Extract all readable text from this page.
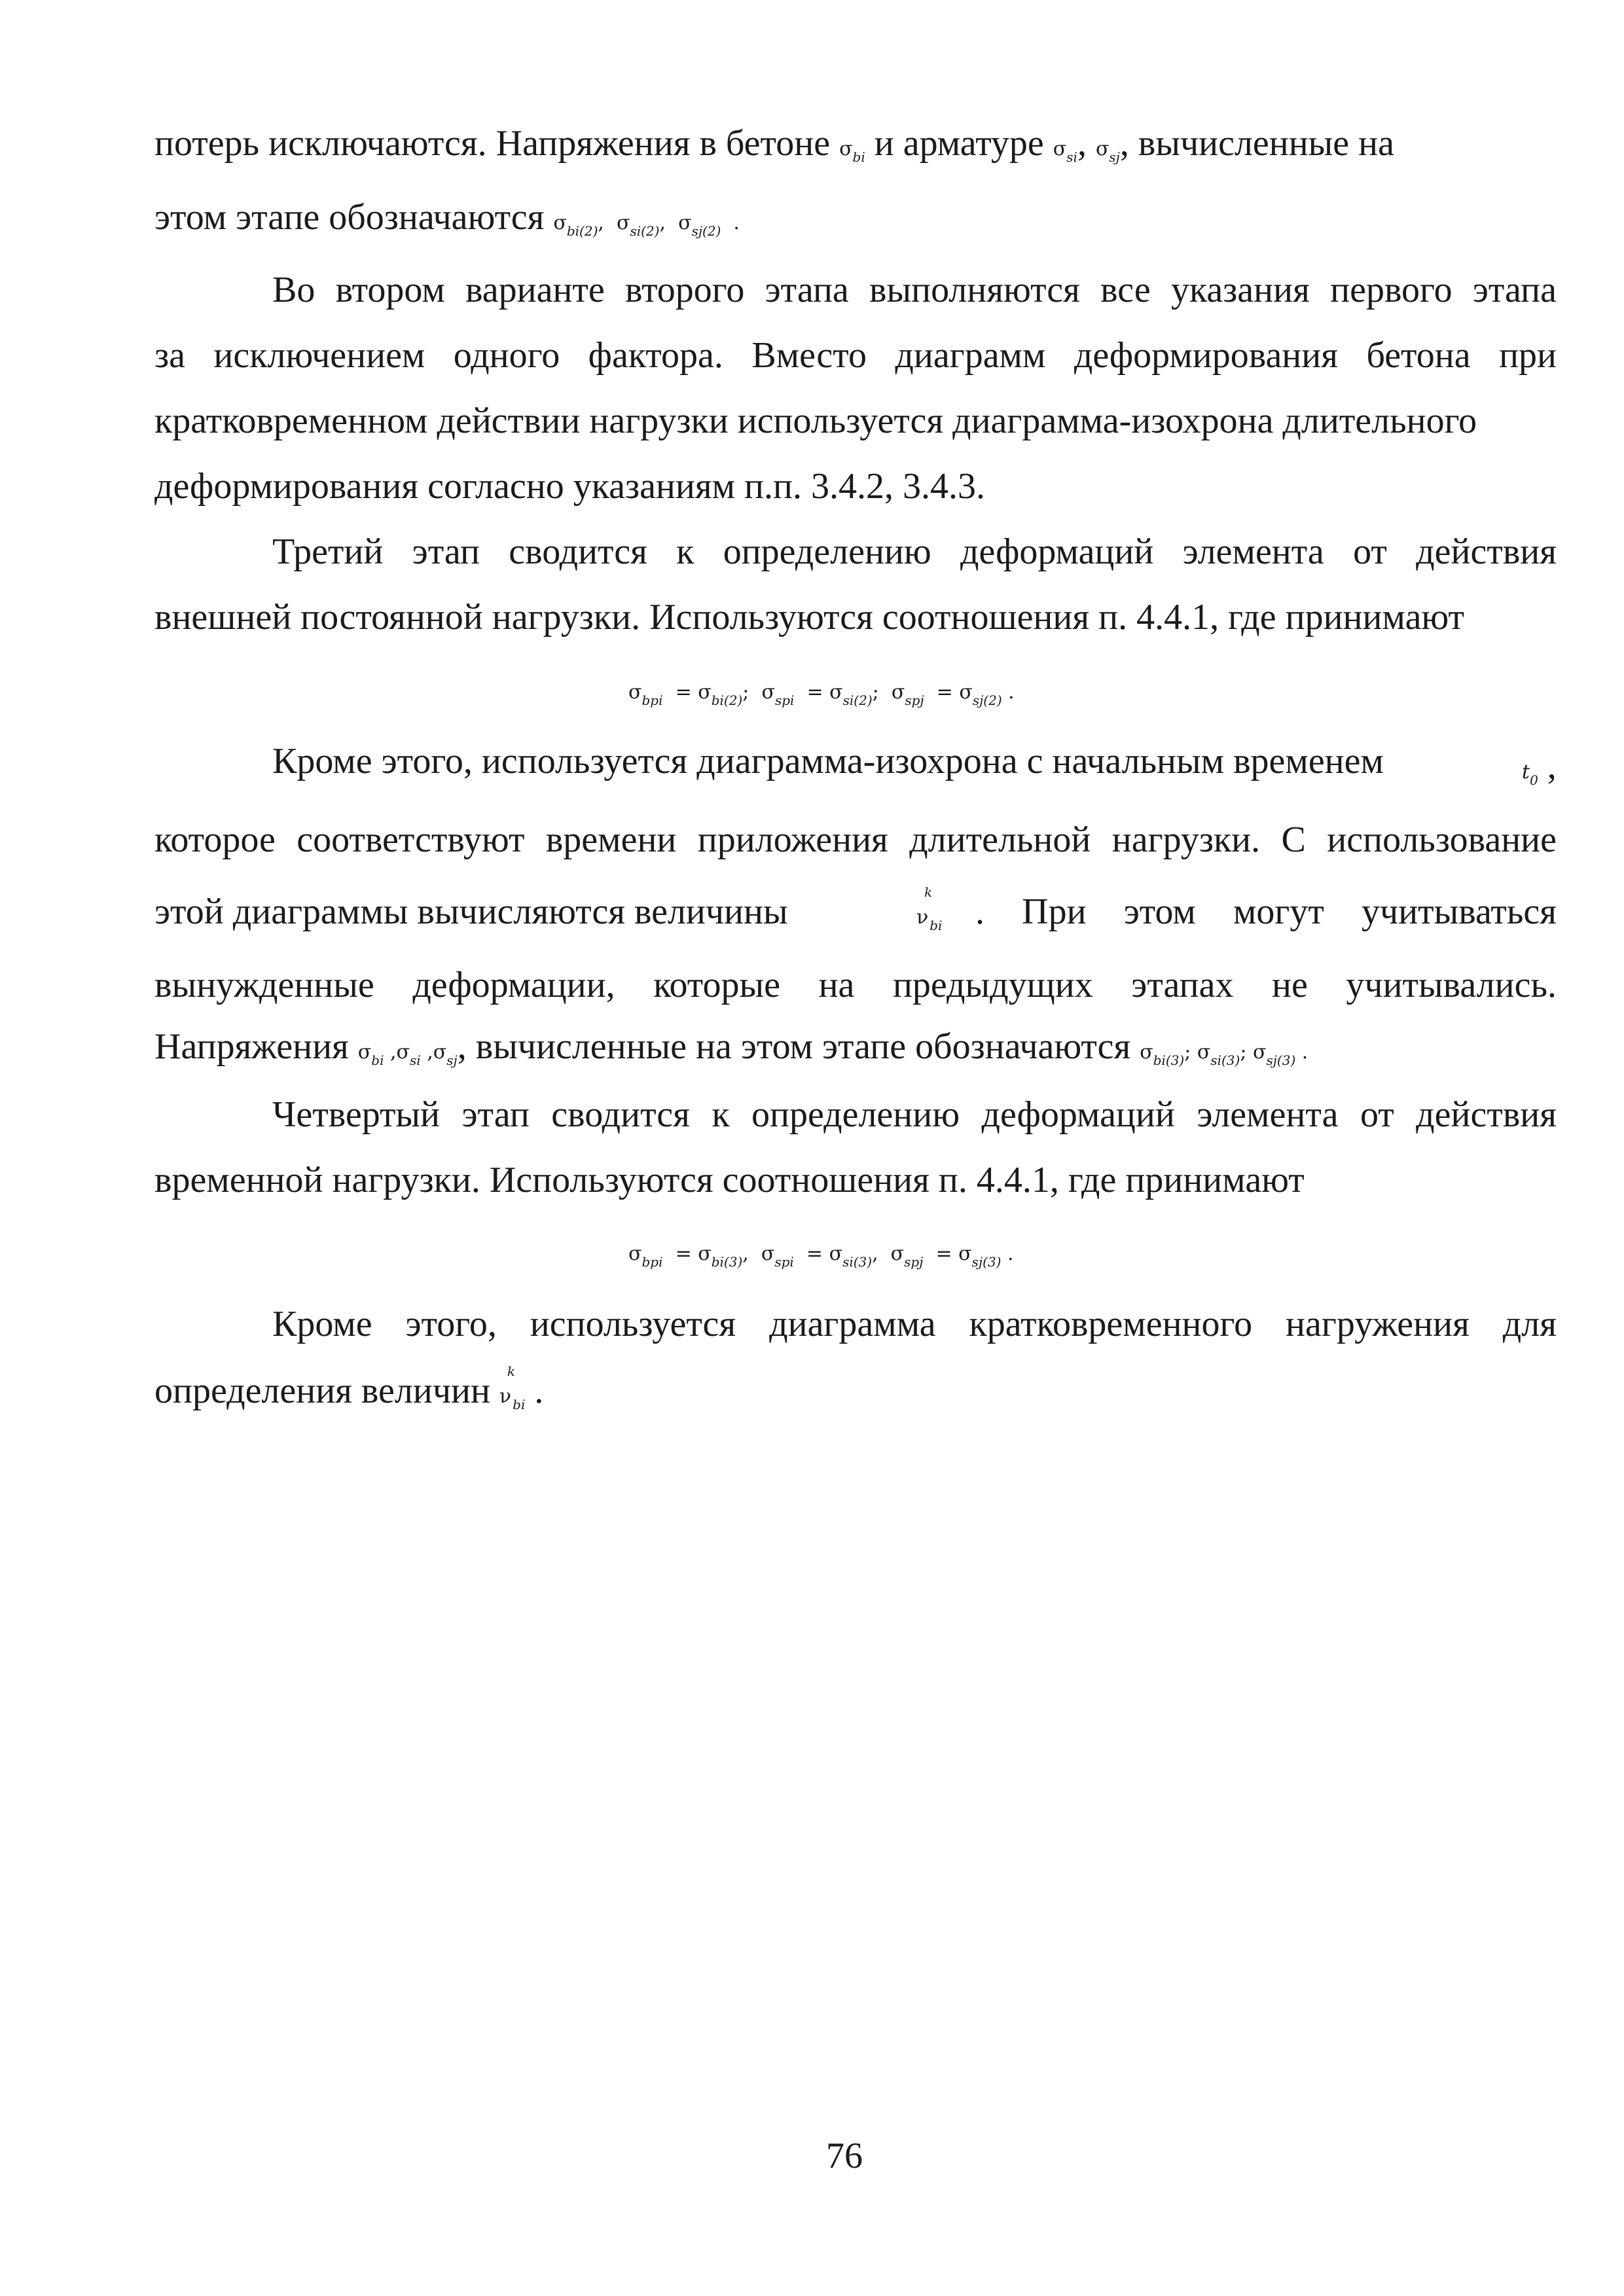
потерь исключаются. Напряжения в бетоне $\sigma_{bi}$ и арматуре $\sigma_{si}$, $\sigma_{sj}$, вычисленные на
этом этапе обозначаются $\sigma_{bi(2)}$,  $\sigma_{si(2)}$,  $\sigma_{sj(2)}$  .
Во втором варианте второго этапа выполняются все указания первого этапа
за исключением одного фактора. Вместо диаграмм деформирования бетона при
кратковременном действии нагрузки используется диаграмма-изохрона длительного
деформирования согласно указаниям п.п. 3.4.2, 3.4.3.
Третий этап сводится к определению деформаций элемента от действия
внешней постоянной нагрузки. Используются соотношения п. 4.4.1, где принимают
$\sigma_{bpi} = \sigma_{bi(2)}$;  $\sigma_{spi} = \sigma_{si(2)}$;  $\sigma_{spj} = \sigma_{sj(2)}$ .
Кроме этого, используется диаграмма-изохрона с начальным временем	$t_0$ ,
которое соответствуют времени приложения длительной нагрузки. С использование
этой диаграммы вычисляются величины	ν
k
$_{bi}$ . При этом могут учитываться
вынужденные деформации, которые на предыдущих этапах не учитывались.
Напряжения $\sigma_{bi}$ $,\sigma_{si}$ $,\sigma_{sj}$, вычисленные на этом этапе обозначаются $\sigma_{bi(3)}$; $\sigma_{si(3)}$; $\sigma_{sj(3)}$ .
Четвертый этап сводится к определению деформаций элемента от действия
временной нагрузки. Используются соотношения п. 4.4.1, где принимают
$\sigma_{bpi} = \sigma_{bi(3)}$,  $\sigma_{spi} = \sigma_{si(3)}$,  $\sigma_{spj} = \sigma_{sj(3)}$ .
Кроме этого, используется диаграмма кратковременного нагружения для
определения величин ν
k
$_{bi}$ .
76
